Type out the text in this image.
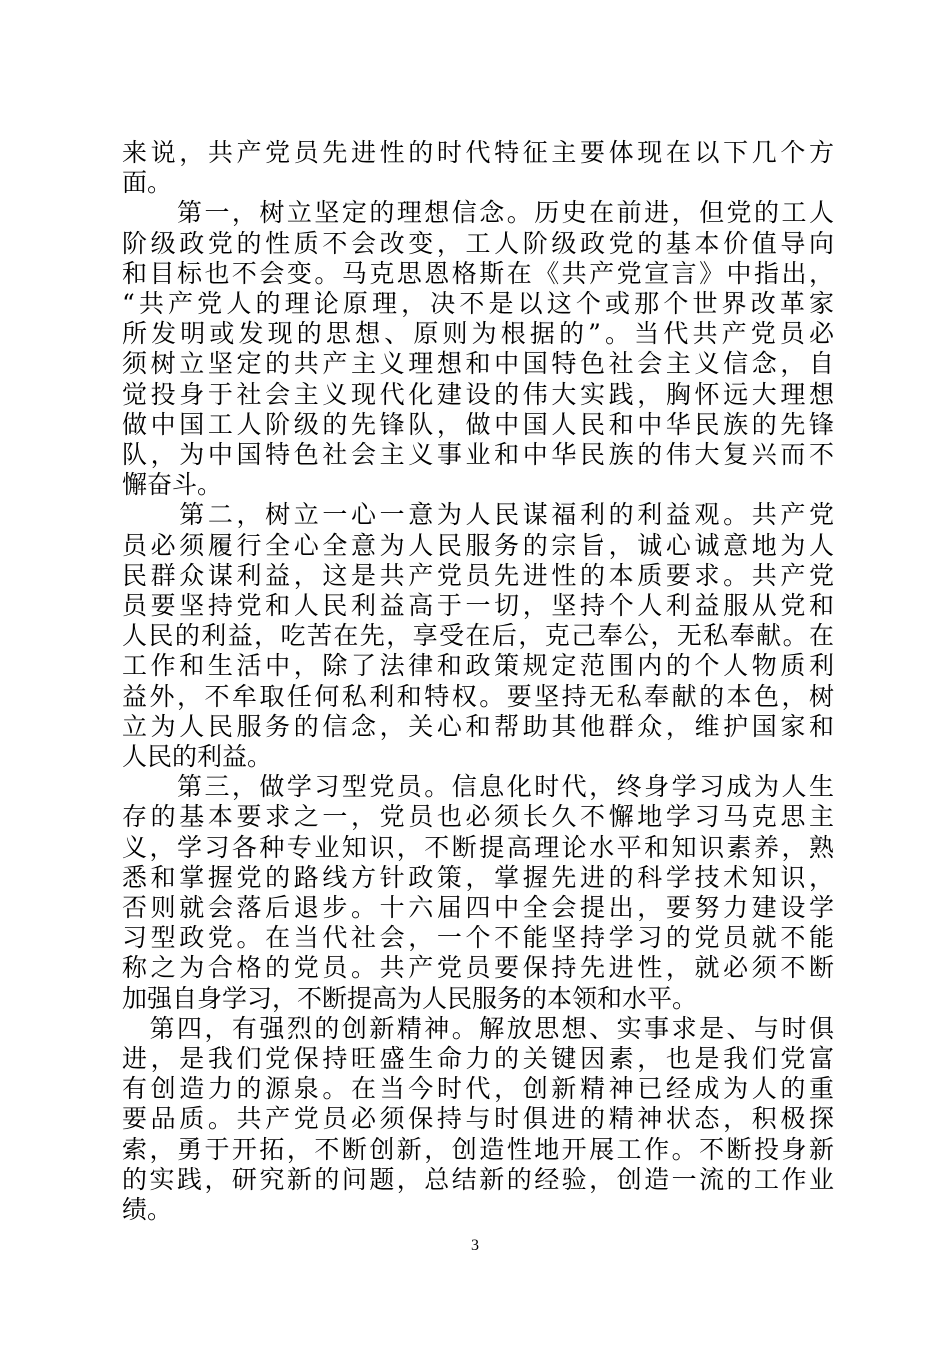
来说，共产党员先进性的时代特征主要体现在以下几个方
面。
　　第一，树立坚定的理想信念。历史在前进，但党的工人
阶级政党的性质不会改变，工人阶级政党的基本价值导向
和目标也不会变。马克思恩格斯在《共产党宣言》中指出，
“共产党人的理论原理，决不是以这个或那个世界改革家
所发明或发现的思想、原则为根据的”。当代共产党员必
须树立坚定的共产主义理想和中国特色社会主义信念，自
觉投身于社会主义现代化建设的伟大实践，胸怀远大理想
做中国工人阶级的先锋队，做中国人民和中华民族的先锋
队，为中国特色社会主义事业和中华民族的伟大复兴而不
懈奋斗。
　　第二，树立一心一意为人民谋福利的利益观。共产党
员必须履行全心全意为人民服务的宗旨，诚心诚意地为人
民群众谋利益，这是共产党员先进性的本质要求。共产党
员要坚持党和人民利益高于一切，坚持个人利益服从党和
人民的利益，吃苦在先，享受在后，克己奉公，无私奉献。在
工作和生活中，除了法律和政策规定范围内的个人物质利
益外，不牟取任何私利和特权。要坚持无私奉献的本色，树
立为人民服务的信念，关心和帮助其他群众，维护国家和
人民的利益。
　　第三，做学习型党员。信息化时代，终身学习成为人生
存的基本要求之一，党员也必须长久不懈地学习马克思主
义，学习各种专业知识，不断提高理论水平和知识素养，熟
悉和掌握党的路线方针政策，掌握先进的科学技术知识，
否则就会落后退步。十六届四中全会提出，要努力建设学
习型政党。在当代社会，一个不能坚持学习的党员就不能
称之为合格的党员。共产党员要保持先进性，就必须不断
加强自身学习，不断提高为人民服务的本领和水平。
　第四，有强烈的创新精神。解放思想、实事求是、与时俱
进，是我们党保持旺盛生命力的关键因素，也是我们党富
有创造力的源泉。在当今时代，创新精神已经成为人的重
要品质。共产党员必须保持与时俱进的精神状态，积极探
索，勇于开拓，不断创新，创造性地开展工作。不断投身新
的实践，研究新的问题，总结新的经验，创造一流的工作业
绩。
3
